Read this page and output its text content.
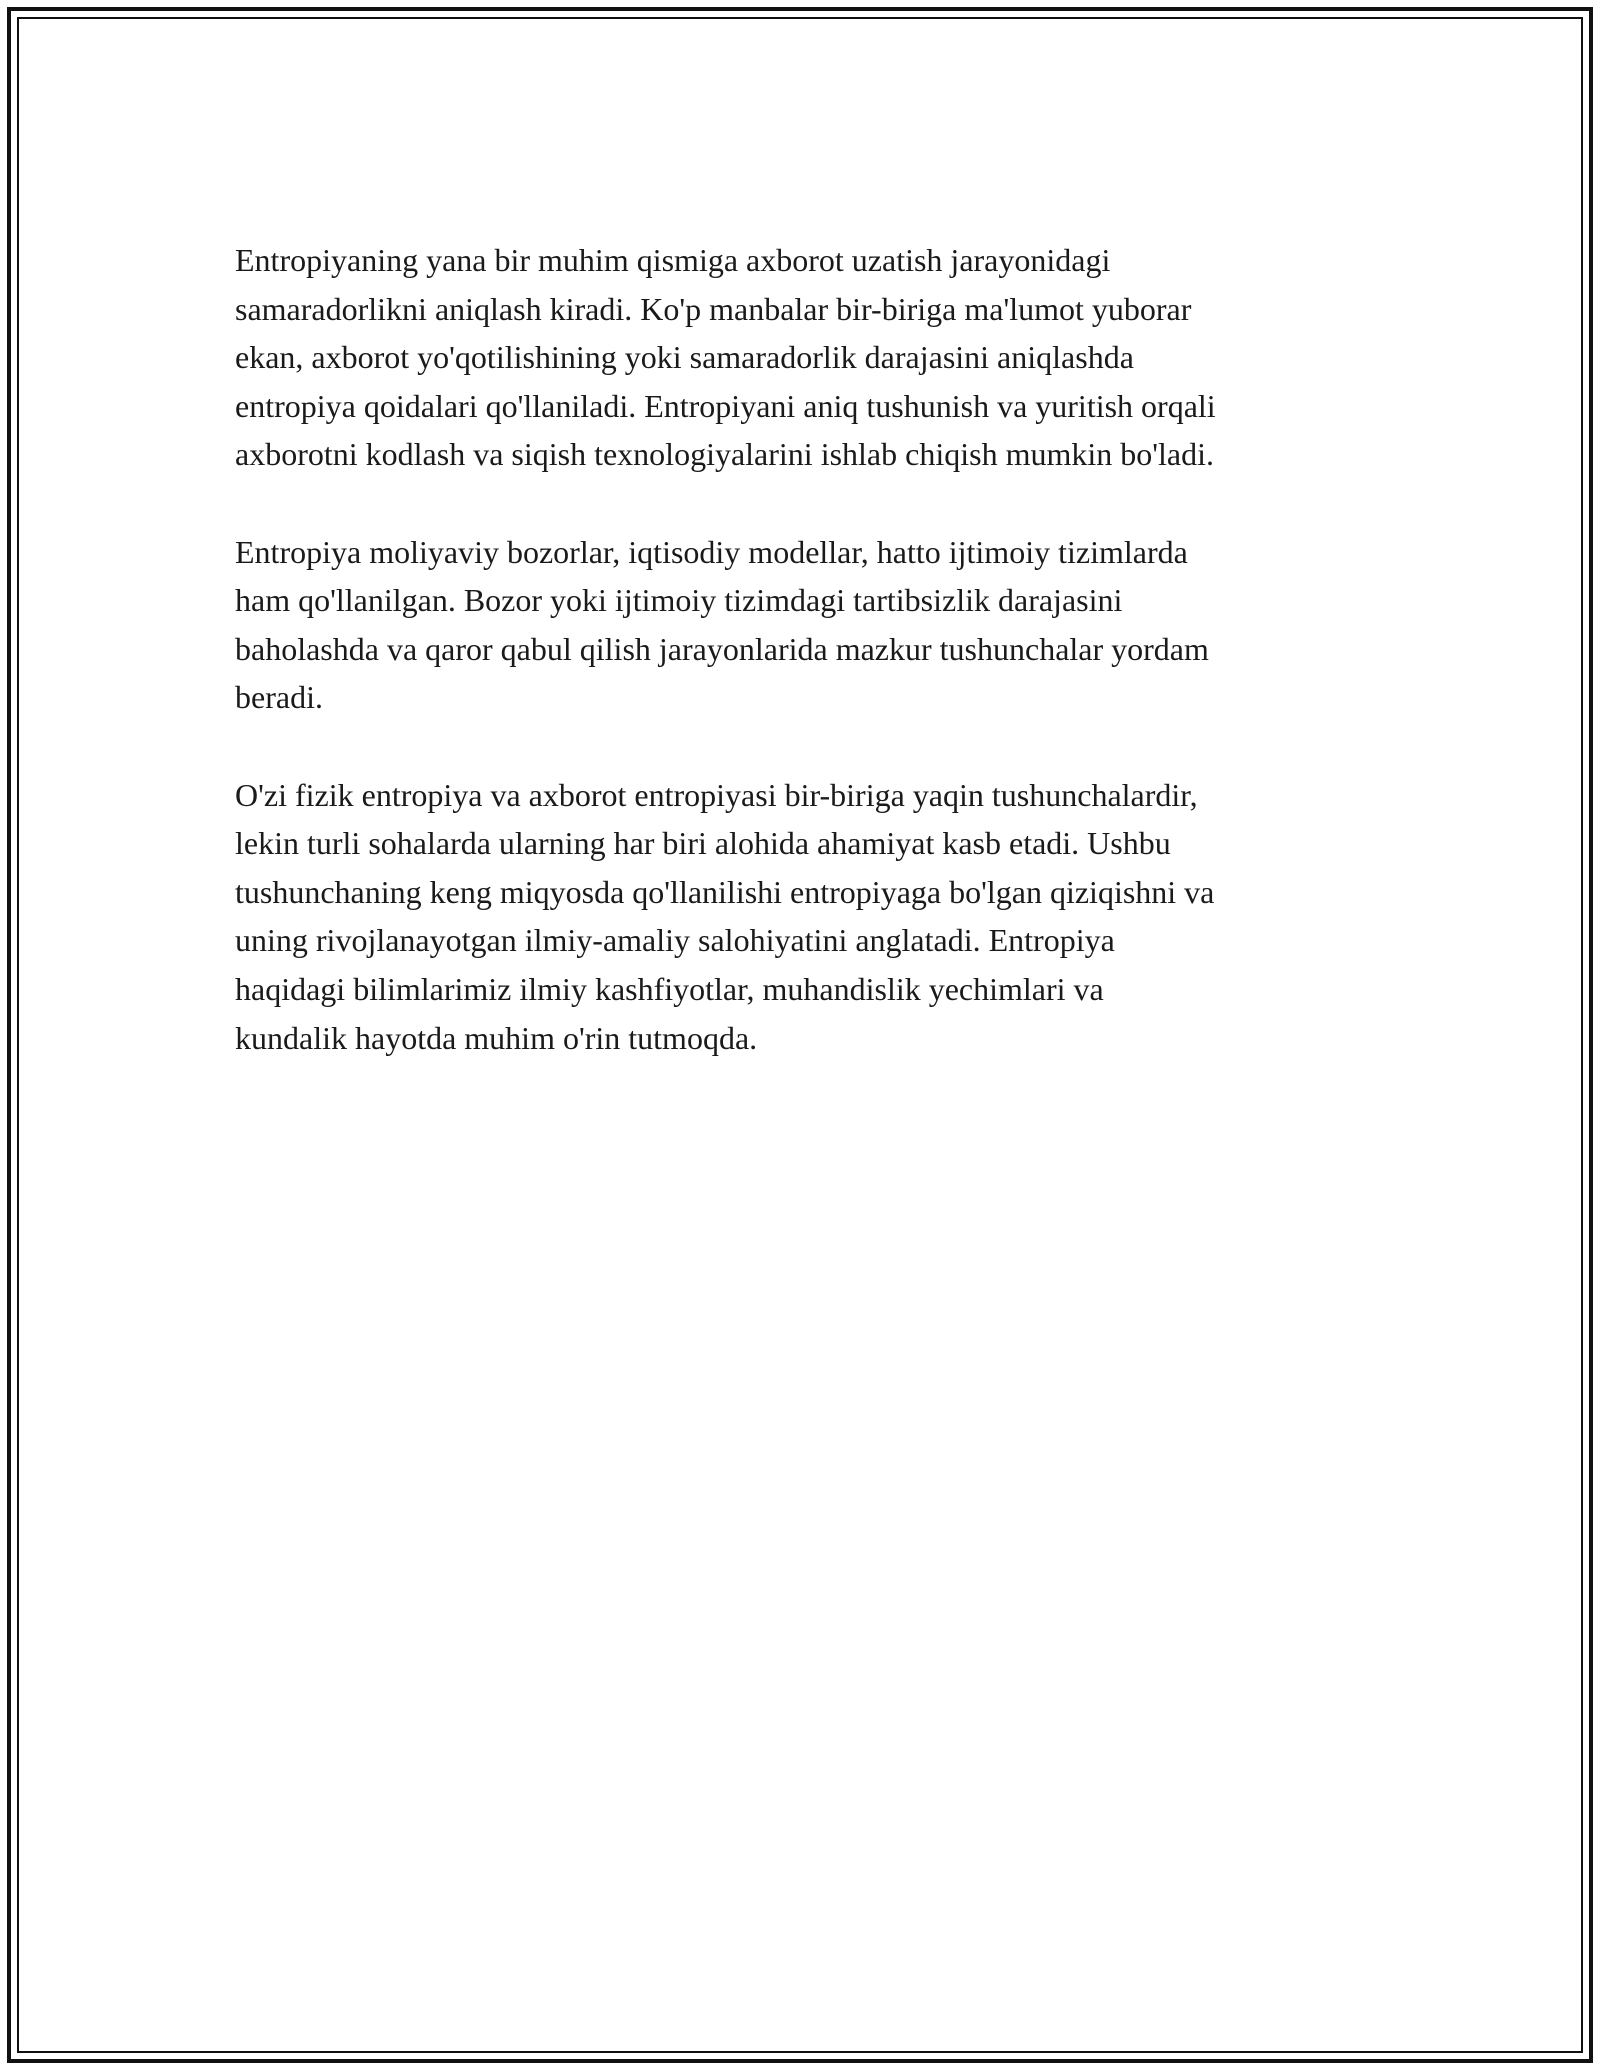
Entropiyaning yana bir muhim qismiga axborot uzatish jarayonidagi
samaradorlikni aniqlash kiradi. Ko'p manbalar bir-biriga ma'lumot yuborar
ekan, axborot yo'qotilishining yoki samaradorlik darajasini aniqlashda
entropiya qoidalari qo'llaniladi. Entropiyani aniq tushunish va yuritish orqali
axborotni kodlash va siqish texnologiyalarini ishlab chiqish mumkin bo'ladi.

Entropiya moliyaviy bozorlar, iqtisodiy modellar, hatto ijtimoiy tizimlarda
ham qo'llanilgan. Bozor yoki ijtimoiy tizimdagi tartibsizlik darajasini
baholashda va qaror qabul qilish jarayonlarida mazkur tushunchalar yordam
beradi.

O'zi fizik entropiya va axborot entropiyasi bir-biriga yaqin tushunchalardir,
lekin turli sohalarda ularning har biri alohida ahamiyat kasb etadi. Ushbu
tushunchaning keng miqyosda qo'llanilishi entropiyaga bo'lgan qiziqishni va
uning rivojlanayotgan ilmiy-amaliy salohiyatini anglatadi. Entropiya
haqidagi bilimlarimiz ilmiy kashfiyotlar, muhandislik yechimlari va
kundalik hayotda muhim o'rin tutmoqda.
